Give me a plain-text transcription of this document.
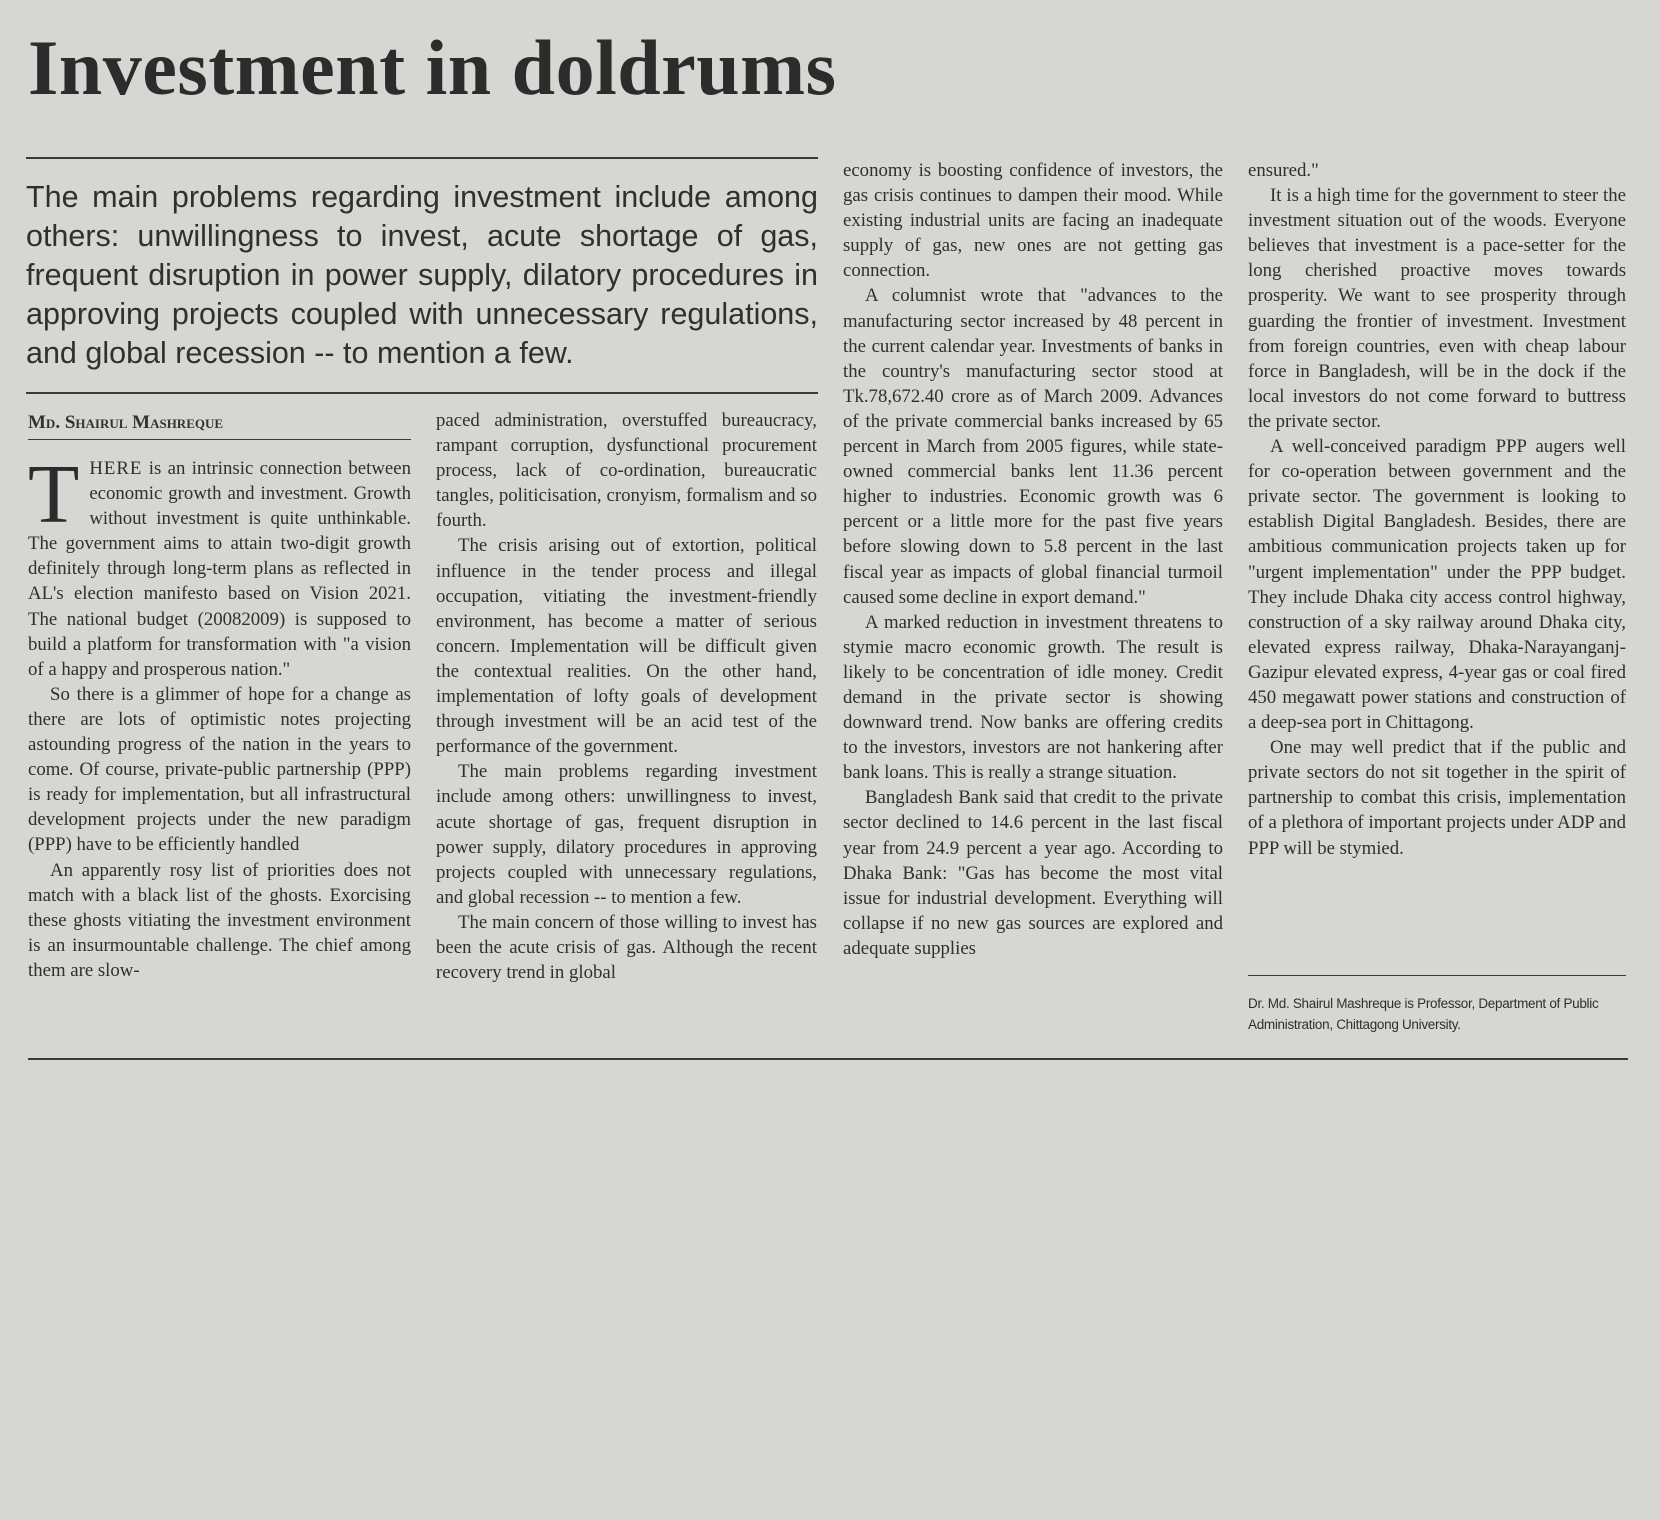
Investment in doldrums

The main problems regarding investment include among others: unwillingness to invest, acute shortage of gas, frequent disruption in power supply, dilatory procedures in approving projects coupled with unnecessary regulations, and global recession -- to mention a few.

Md. Shairul Mashreque

THERE is an intrinsic connection between economic growth and investment. Growth without investment is quite unthinkable. The government aims to attain two-digit growth definitely through long-term plans as reflected in AL's election manifesto based on Vision 2021. The national budget (20082009) is supposed to build a platform for transformation with "a vision of a happy and prosperous nation."

So there is a glimmer of hope for a change as there are lots of optimistic notes projecting astounding progress of the nation in the years to come. Of course, private-public partnership (PPP) is ready for implementation, but all infrastructural development projects under the new paradigm (PPP) have to be efficiently handled

An apparently rosy list of priorities does not match with a black list of the ghosts. Exorcising these ghosts vitiating the investment environment is an insurmountable challenge. The chief among them are slow-

paced administration, overstuffed bureaucracy, rampant corruption, dysfunctional procurement process, lack of co-ordination, bureaucratic tangles, politicisation, cronyism, formalism and so fourth.

The crisis arising out of extortion, political influence in the tender process and illegal occupation, vitiating the investment-friendly environment, has become a matter of serious concern. Implementation will be difficult given the contextual realities. On the other hand, implementation of lofty goals of development through investment will be an acid test of the performance of the government.

The main problems regarding investment include among others: unwillingness to invest, acute shortage of gas, frequent disruption in power supply, dilatory procedures in approving projects coupled with unnecessary regulations, and global recession -- to mention a few.

The main concern of those willing to invest has been the acute crisis of gas. Although the recent recovery trend in global

economy is boosting confidence of investors, the gas crisis continues to dampen their mood. While existing industrial units are facing an inadequate supply of gas, new ones are not getting gas connection.

A columnist wrote that "advances to the manufacturing sector increased by 48 percent in the current calendar year. Investments of banks in the country's manufacturing sector stood at Tk.78,672.40 crore as of March 2009. Advances of the private commercial banks increased by 65 percent in March from 2005 figures, while state-owned commercial banks lent 11.36 percent higher to industries. Economic growth was 6 percent or a little more for the past five years before slowing down to 5.8 percent in the last fiscal year as impacts of global financial turmoil caused some decline in export demand."

A marked reduction in investment threatens to stymie macro economic growth. The result is likely to be concentration of idle money. Credit demand in the private sector is showing downward trend. Now banks are offering credits to the investors, investors are not hankering after bank loans. This is really a strange situation.

Bangladesh Bank said that credit to the private sector declined to 14.6 percent in the last fiscal year from 24.9 percent a year ago. According to Dhaka Bank: "Gas has become the most vital issue for industrial development. Everything will collapse if no new gas sources are explored and adequate supplies

ensured."

It is a high time for the government to steer the investment situation out of the woods. Everyone believes that investment is a pace-setter for the long cherished proactive moves towards prosperity. We want to see prosperity through guarding the frontier of investment. Investment from foreign countries, even with cheap labour force in Bangladesh, will be in the dock if the local investors do not come forward to buttress the private sector.

A well-conceived paradigm PPP augers well for co-operation between government and the private sector. The government is looking to establish Digital Bangladesh. Besides, there are ambitious communication projects taken up for "urgent implementation" under the PPP budget. They include Dhaka city access control highway, construction of a sky railway around Dhaka city, elevated express railway, Dhaka-Narayanganj-Gazipur elevated express, 4-year gas or coal fired 450 megawatt power stations and construction of a deep-sea port in Chittagong.

One may well predict that if the public and private sectors do not sit together in the spirit of partnership to combat this crisis, implementation of a plethora of important projects under ADP and PPP will be stymied.

Dr. Md. Shairul Mashreque is Professor, Department of Public Administration, Chittagong University.
